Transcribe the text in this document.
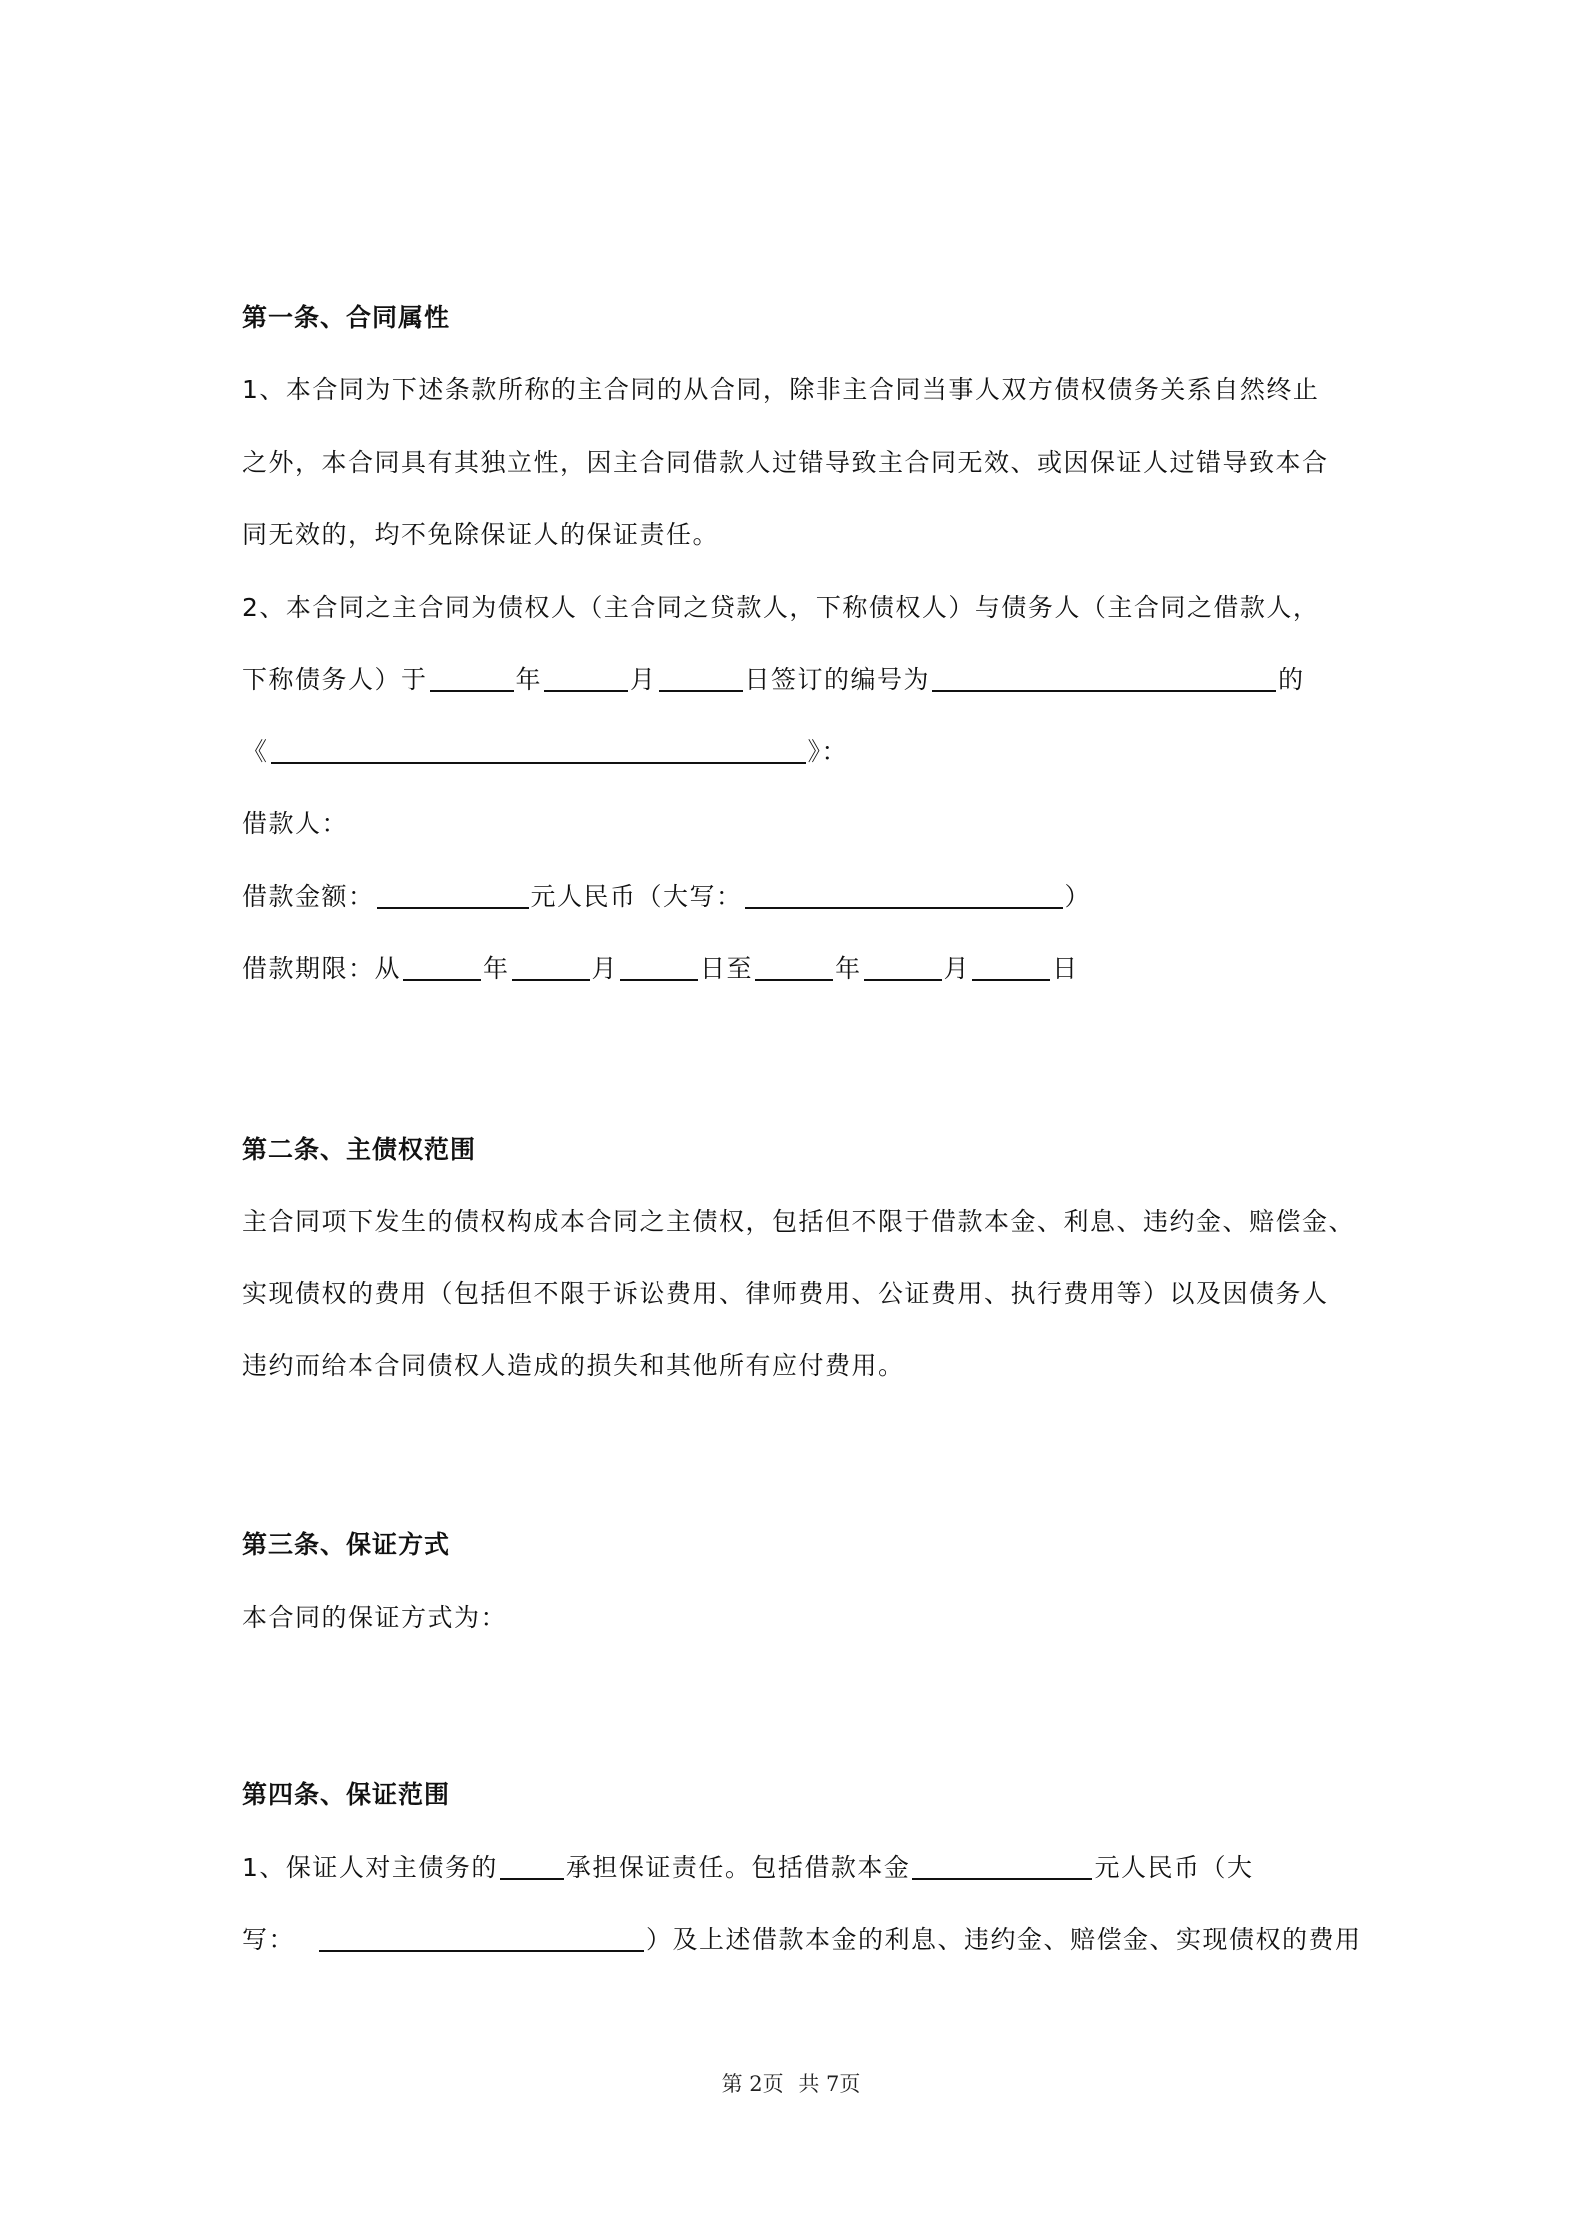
第一条、合同属性
1、本合同为下述条款所称的主合同的从合同，除非主合同当事人双方债权债务关系自然终止
之外，本合同具有其独立性，因主合同借款人过错导致主合同无效、或因保证人过错导致本合
同无效的，均不免除保证人的保证责任。
2、本合同之主合同为债权人（主合同之贷款人，下称债权人）与债务人（主合同之借款人，
下称债务人）于	年	月	日签订的编号为	的
《	》：
借款人：
借款金额：	元人民币（大写：	）
借款期限：从	年	月	日至	年	月	日
第二条、主债权范围
主合同项下发生的债权构成本合同之主债权，包括但不限于借款本金、利息、违约金、赔偿金、
实现债权的费用（包括但不限于诉讼费用、律师费用、公证费用、执行费用等）以及因债务人
违约而给本合同债权人造成的损失和其他所有应付费用。
第三条、保证方式
本合同的保证方式为：
第四条、保证范围
1、保证人对主债务的	承担保证责任。包括借款本金	元人民币（大
写：	）及上述借款本金的利息、违约金、赔偿金、实现债权的费用
第 2页 共 7页
